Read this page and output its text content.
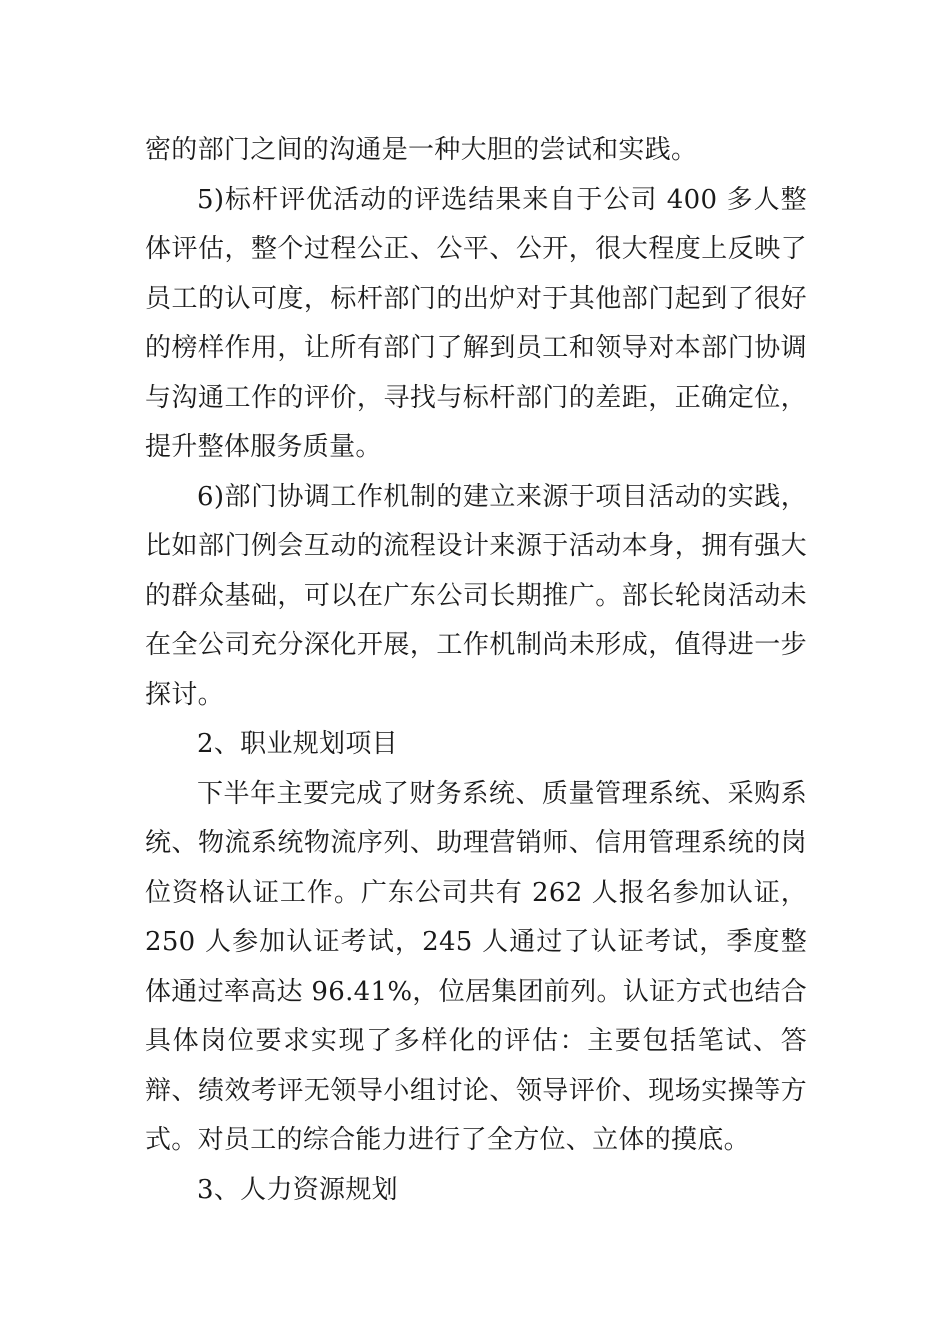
密的部门之间的沟通是一种大胆的尝试和实践。

5)标杆评优活动的评选结果来自于公司 400 多人整体评估，整个过程公正、公平、公开，很大程度上反映了员工的认可度，标杆部门的出炉对于其他部门起到了很好的榜样作用，让所有部门了解到员工和领导对本部门协调与沟通工作的评价，寻找与标杆部门的差距，正确定位，提升整体服务质量。

6)部门协调工作机制的建立来源于项目活动的实践，比如部门例会互动的流程设计来源于活动本身，拥有强大的群众基础，可以在广东公司长期推广。部长轮岗活动未在全公司充分深化开展，工作机制尚未形成，值得进一步探讨。

2、职业规划项目

下半年主要完成了财务系统、质量管理系统、采购系统、物流系统物流序列、助理营销师、信用管理系统的岗位资格认证工作。广东公司共有 262 人报名参加认证，250 人参加认证考试，245 人通过了认证考试，季度整体通过率高达 96.41%，位居集团前列。认证方式也结合具体岗位要求实现了多样化的评估：主要包括笔试、答辩、绩效考评无领导小组讨论、领导评价、现场实操等方式。对员工的综合能力进行了全方位、立体的摸底。

3、人力资源规划
